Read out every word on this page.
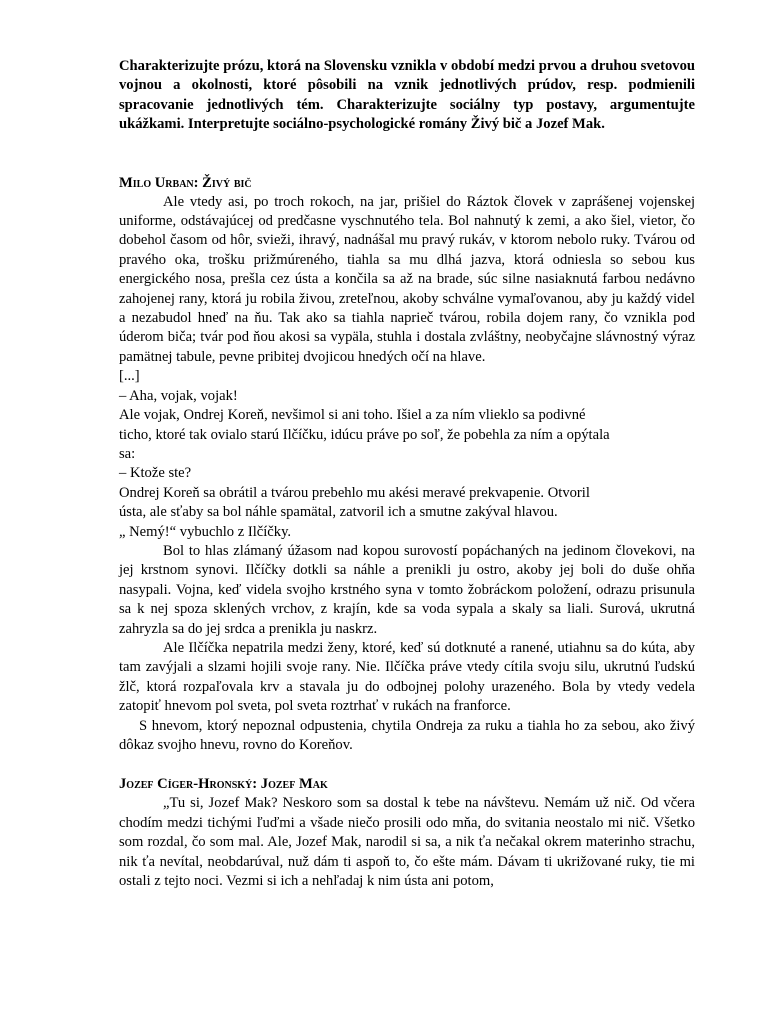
Charakterizujte prózu, ktorá na Slovensku vznikla v období medzi prvou a druhou svetovou vojnou a okolnosti, ktoré pôsobili na vznik jednotlivých prúdov, resp. podmienili spracovanie jednotlivých tém. Charakterizujte sociálny typ postavy, argumentujte ukážkami. Interpretujte sociálno-psychologické romány Živý bič a Jozef Mak.

Milo Urban: Živý bič

Ale vtedy asi, po troch rokoch, na jar, prišiel do Ráztok človek v zaprášenej vojenskej uniforme, odstávajúcej od predčasne vyschnutého tela. Bol nahnutý k zemi, a ako šiel, vietor, čo dobehol časom od hôr, svieži, ihravý, nadnášal mu pravý rukáv, v ktorom nebolo ruky. Tvárou od pravého oka, trošku prižmúreného, tiahla sa mu dlhá jazva, ktorá odniesla so sebou kus energického nosa, prešla cez ústa a končila sa až na brade, súc silne nasiaknutá farbou nedávno zahojenej rany, ktorá ju robila živou, zreteľnou, akoby schválne vymaľovanou, aby ju každý videl a nezabudol hneď na ňu. Tak ako sa tiahla naprieč tvárou, robila dojem rany, čo vznikla pod úderom biča; tvár pod ňou akosi sa vypäla, stuhla i dostala zvláštny, neobyčajne slávnostný výraz pamätnej tabule, pevne pribitej dvojicou hnedých očí na hlave.

[...]

– Aha, vojak, vojak!

Ale vojak, Ondrej Koreň, nevšimol si ani toho. Išiel a za ním vlieklo sa podivné

ticho, ktoré tak ovialo starú Ilčíčku, idúcu práve po soľ, že pobehla za ním a opýtala

sa:

– Ktože ste?

Ondrej Koreň sa obrátil a tvárou prebehlo mu akési meravé prekvapenie. Otvoril

ústa, ale sťaby sa bol náhle spamätal, zatvoril ich a smutne zakýval hlavou.

„ Nemý!“ vybuchlo z Ilčíčky.

Bol to hlas zlámaný úžasom nad kopou surovostí popáchaných na jedinom človekovi, na jej krstnom synovi. Ilčíčky dotkli sa náhle a prenikli ju ostro, akoby jej boli do duše ohňa nasypali. Vojna, keď videla svojho krstného syna v tomto žobráckom položení, odrazu prisunula sa k nej spoza sklených vrchov, z krajín, kde sa voda sypala a skaly sa liali. Surová, ukrutná zahryzla sa do jej srdca a prenikla ju naskrz.

Ale Ilčíčka nepatrila medzi ženy, ktoré, keď sú dotknuté a ranené, utiahnu sa do kúta, aby tam zavýjali a slzami hojili svoje rany. Nie. Ilčíčka práve vtedy cítila svoju silu, ukrutnú ľudskú žlč, ktorá rozpaľovala krv a stavala ju do odbojnej polohy urazeného. Bola by vtedy vedela zatopiť hnevom pol sveta, pol sveta roztrhať v rukách na franforce.

S hnevom, ktorý nepoznal odpustenia, chytila Ondreja za ruku a tiahla ho za sebou, ako živý dôkaz svojho hnevu, rovno do Koreňov.

Jozef Cíger-Hronský: Jozef Mak

„Tu si, Jozef Mak? Neskoro som sa dostal k tebe na návštevu. Nemám už nič. Od včera chodím medzi tichými ľuďmi a všade niečo prosili odo mňa, do svitania neostalo mi nič. Všetko som rozdal, čo som mal. Ale, Jozef Mak, narodil si sa, a nik ťa nečakal okrem materinho strachu, nik ťa nevítal, neobdarúval, nuž dám ti aspoň to, čo ešte mám. Dávam ti ukrižované ruky, tie mi ostali z tejto noci. Vezmi si ich a nehľadaj k nim ústa ani potom,
